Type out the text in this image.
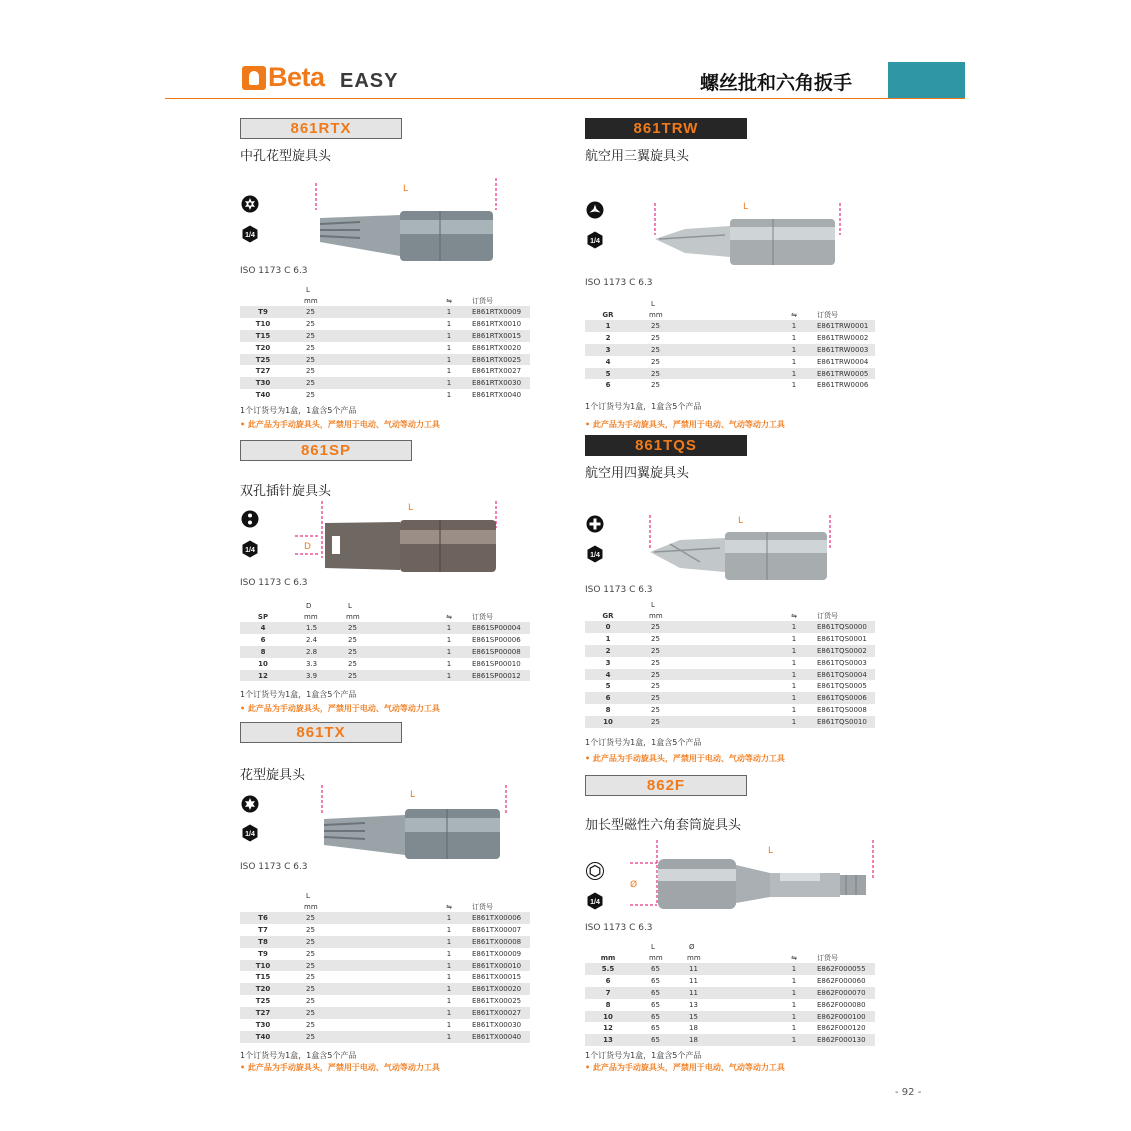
Beta EASY	螺丝批和六角扳手
861RTX
中孔花型旋具头
1/4
L
ISO 1173 C 6.3
	L		
	mm	⇋	订货号
T9	25	1	E861RTX0009
T10	25	1	E861RTX0010
T15	25	1	E861RTX0015
T20	25	1	E861RTX0020
T25	25	1	E861RTX0025
T27	25	1	E861RTX0027
T30	25	1	E861RTX0030
T40	25	1	E861RTX0040
1个订货号为1盒，1盒含5个产品
• 此产品为手动旋具头，严禁用于电动、气动等动力工具
861SP
双孔插针旋具头
1/4
L
D
ISO 1173 C 6.3
	D	L		
SP	mm	mm	⇋	订货号
4	1.5	25	1	E861SP00004
6	2.4	25	1	E861SP00006
8	2.8	25	1	E861SP00008
10	3.3	25	1	E861SP00010
12	3.9	25	1	E861SP00012
1个订货号为1盒，1盒含5个产品
• 此产品为手动旋具头，严禁用于电动、气动等动力工具
861TX
花型旋具头
1/4
L
ISO 1173 C 6.3
	L		
	mm	⇋	订货号
T6	25	1	E861TX00006
T7	25	1	E861TX00007
T8	25	1	E861TX00008
T9	25	1	E861TX00009
T10	25	1	E861TX00010
T15	25	1	E861TX00015
T20	25	1	E861TX00020
T25	25	1	E861TX00025
T27	25	1	E861TX00027
T30	25	1	E861TX00030
T40	25	1	E861TX00040
1个订货号为1盒，1盒含5个产品
• 此产品为手动旋具头，严禁用于电动、气动等动力工具
861TRW
航空用三翼旋具头
1/4
L
ISO 1173 C 6.3
	L		
GR	mm	⇋	订货号
1	25	1	E861TRW0001
2	25	1	E861TRW0002
3	25	1	E861TRW0003
4	25	1	E861TRW0004
5	25	1	E861TRW0005
6	25	1	E861TRW0006
1个订货号为1盒，1盒含5个产品
• 此产品为手动旋具头，严禁用于电动、气动等动力工具
861TQS
航空用四翼旋具头
1/4
L
ISO 1173 C 6.3
	L		
GR	mm	⇋	订货号
0	25	1	E861TQS0000
1	25	1	E861TQS0001
2	25	1	E861TQS0002
3	25	1	E861TQS0003
4	25	1	E861TQS0004
5	25	1	E861TQS0005
6	25	1	E861TQS0006
8	25	1	E861TQS0008
10	25	1	E861TQS0010
1个订货号为1盒，1盒含5个产品
• 此产品为手动旋具头，严禁用于电动、气动等动力工具
862F
加长型磁性六角套筒旋具头
1/4
L
Ø
ISO 1173 C 6.3
	L	Ø		
mm	mm	mm	⇋	订货号
5.5	65	11	1	E862F000055
6	65	11	1	E862F000060
7	65	11	1	E862F000070
8	65	13	1	E862F000080
10	65	15	1	E862F000100
12	65	18	1	E862F000120
13	65	18	1	E862F000130
1个订货号为1盒，1盒含5个产品
• 此产品为手动旋具头，严禁用于电动、气动等动力工具
- 92 -
